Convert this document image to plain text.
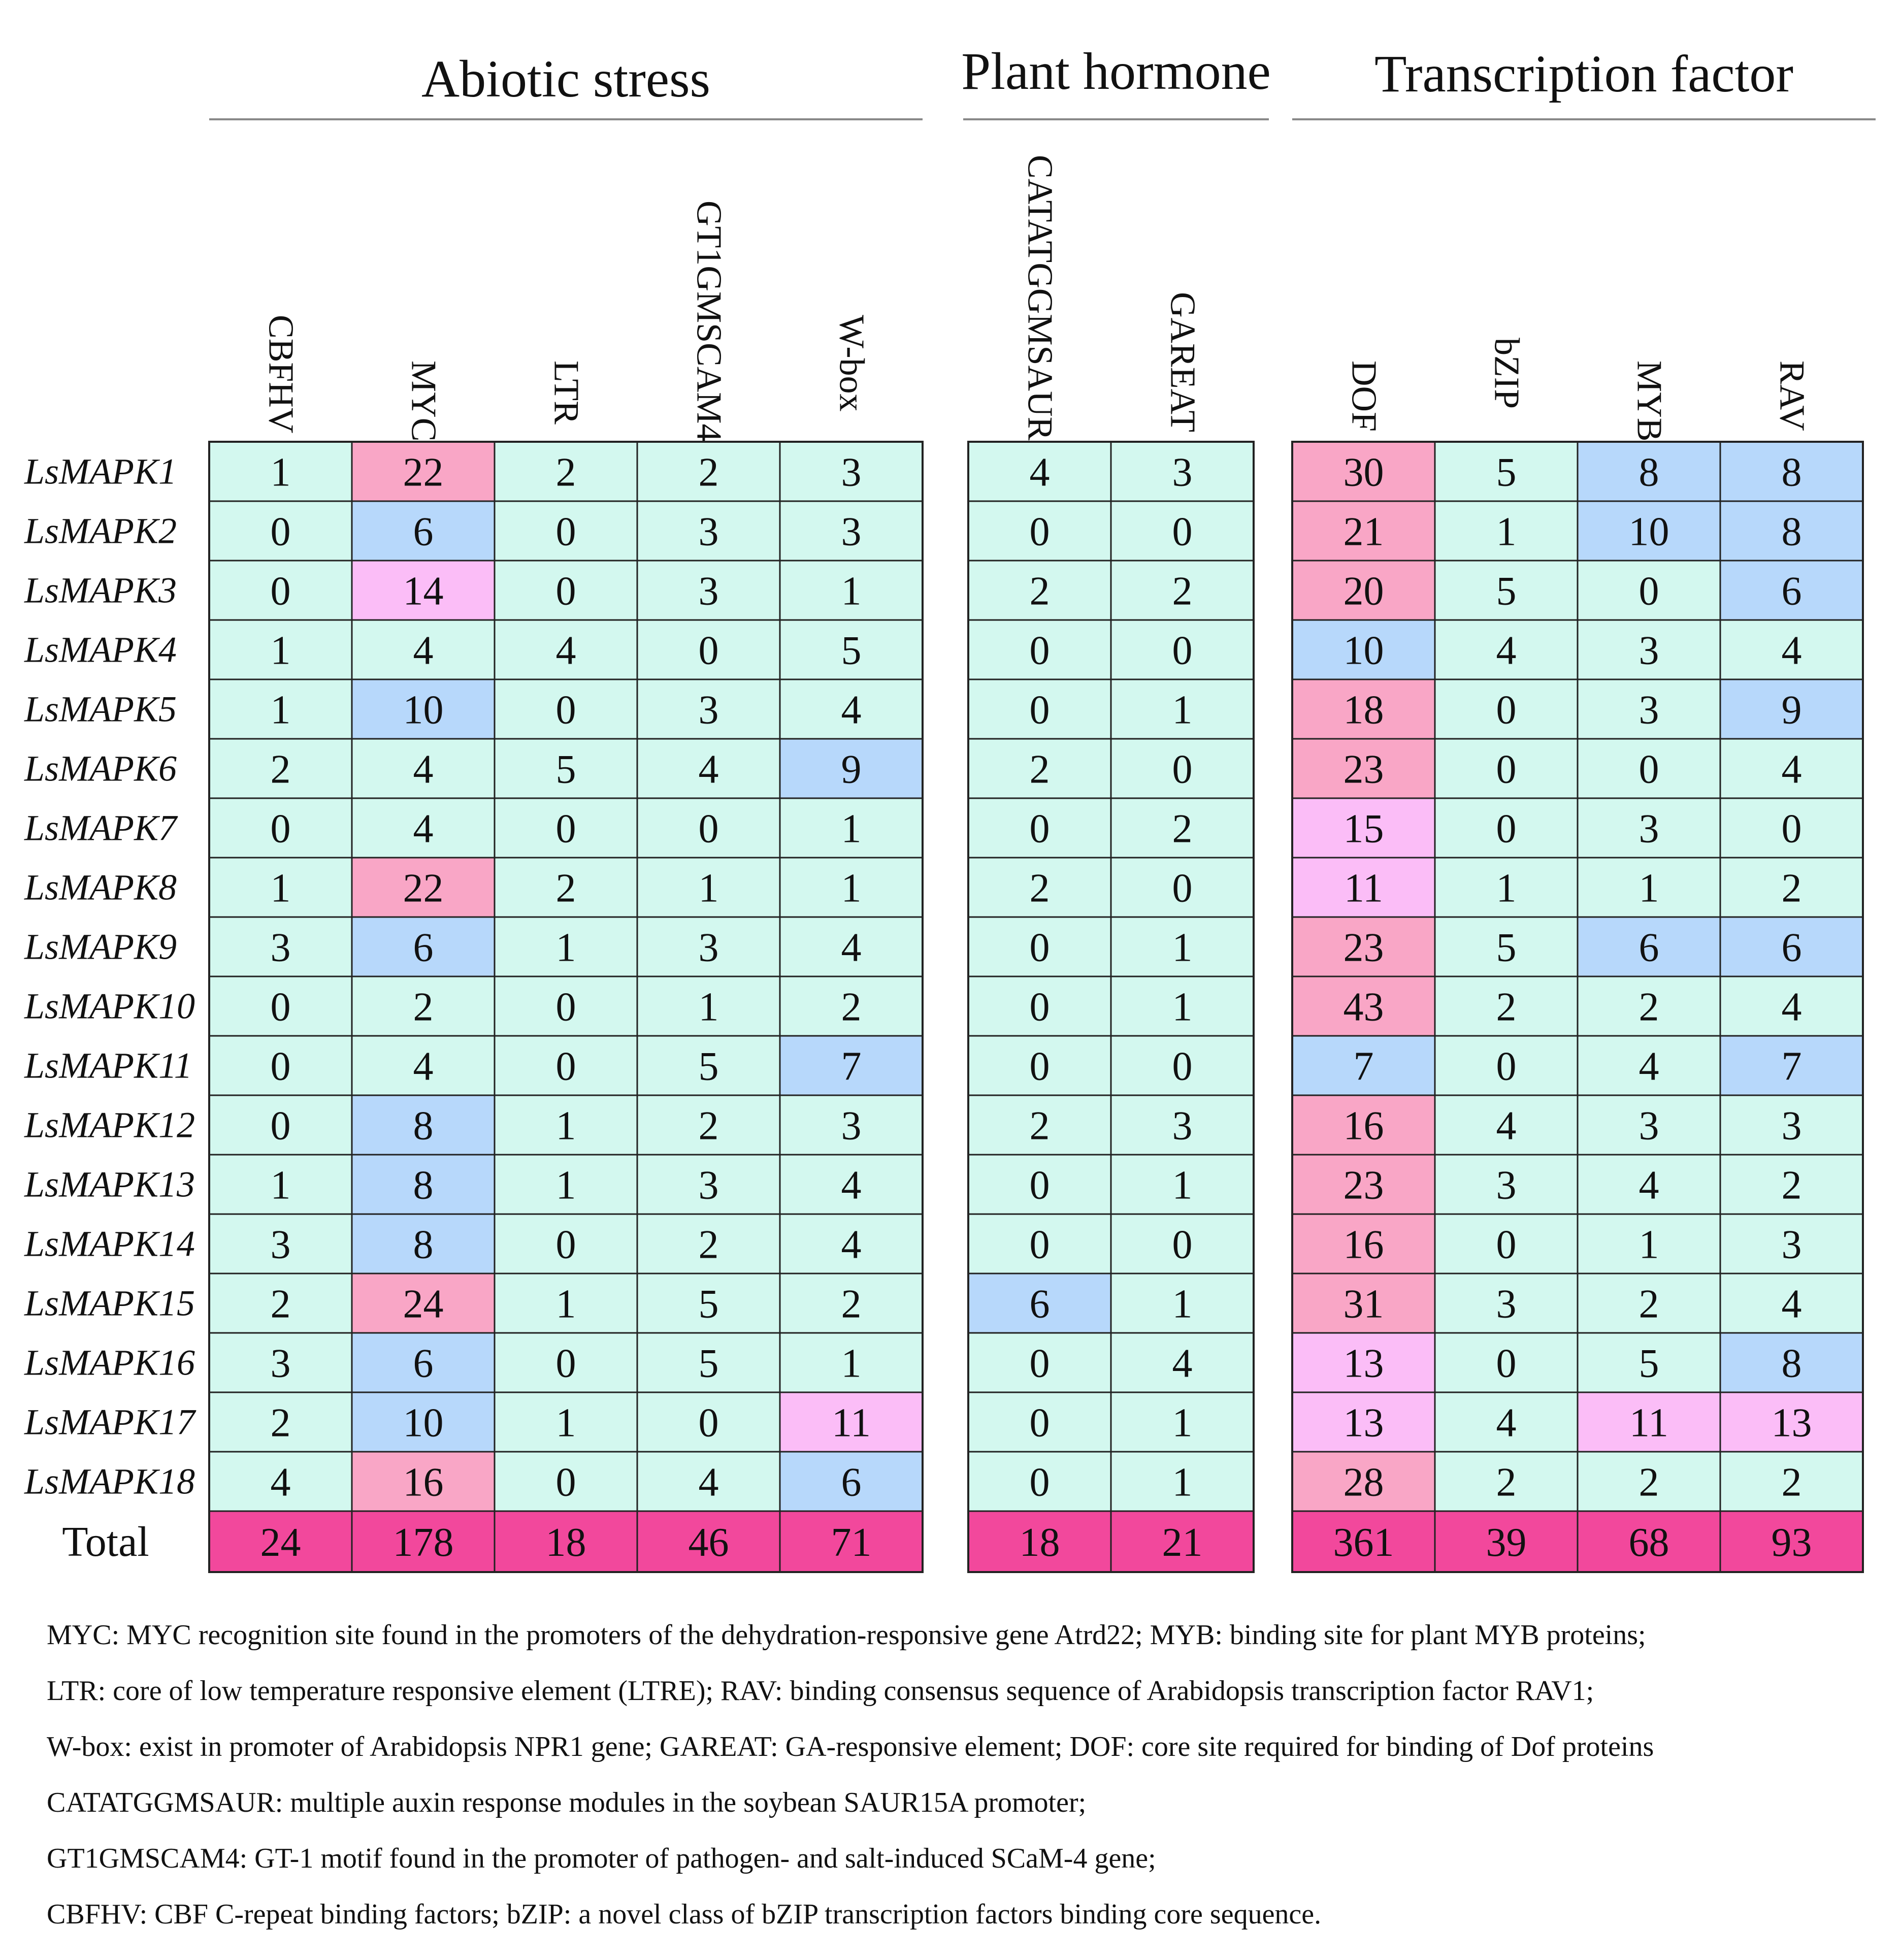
Abiotic stress	Plant hormone Transcription factor
CBFHV	MYC	LTR	GT1GMSCAM4	W-box	CATATGGMSAUR	GAREAT	DOF	bZIP	MYB	RAV
LsMAPK1 1	22	2	2	3	4	3	30	5	8	8
LsMAPK2 0	6	0	3	3	0	0	21	1	10	8
LsMAPK3 0	14	0	3	1	2	2	20	5	0	6
LsMAPK4 1	4	4	0	5	0	0	10	4	3	4
LsMAPK5 1	10	0	3	4	0	1	18	0	3	9
LsMAPK6 2	4	5	4	9	2	0	23	0	0	4
LsMAPK7 0	4	0	0	1	0	2	15	0	3	0
LsMAPK8 1	22	2	1	1	2	0	11	1	1	2
LsMAPK9 3	6	1	3	4	0	1	23	5	6	6
LsMAPK10 0	2	0	1	2	0	1	43	2	2	4
LsMAPK11 0	4	0	5	7	0	0	7	0	4	7
LsMAPK12 0	8	1	2	3	2	3	16	4	3	3
LsMAPK13 1	8	1	3	4	0	1	23	3	4	2
LsMAPK14 3	8	0	2	4	0	0	16	0	1	3
LsMAPK15 2	24	1	5	2	6	1	31	3	2	4
LsMAPK16 3	6	0	5	1	0	4	13	0	5	8
LsMAPK17 2	10	1	0	11	0	1	13	4	11	13
LsMAPK18 4	16	0	4	6	0	1	28	2	2	2
Total	24 178 18	46	71	18	21	361 39	68	93
MYC: MYC recognition site found in the promoters of the dehydration-responsive gene Atrd22; MYB: binding site for plant MYB proteins;
LTR: core of low temperature responsive element (LTRE); RAV: binding consensus sequence of Arabidopsis transcription factor RAV1;
W-box: exist in promoter of Arabidopsis NPR1 gene; GAREAT: GA-responsive element; DOF: core site required for binding of Dof proteins
CATATGGMSAUR: multiple auxin response modules in the soybean SAUR15A promoter;
GT1GMSCAM4: GT-1 motif found in the promoter of pathogen- and salt-induced SCaM-4 gene;
CBFHV: CBF C-repeat binding factors; bZIP: a novel class of bZIP transcription factors binding core sequence.
